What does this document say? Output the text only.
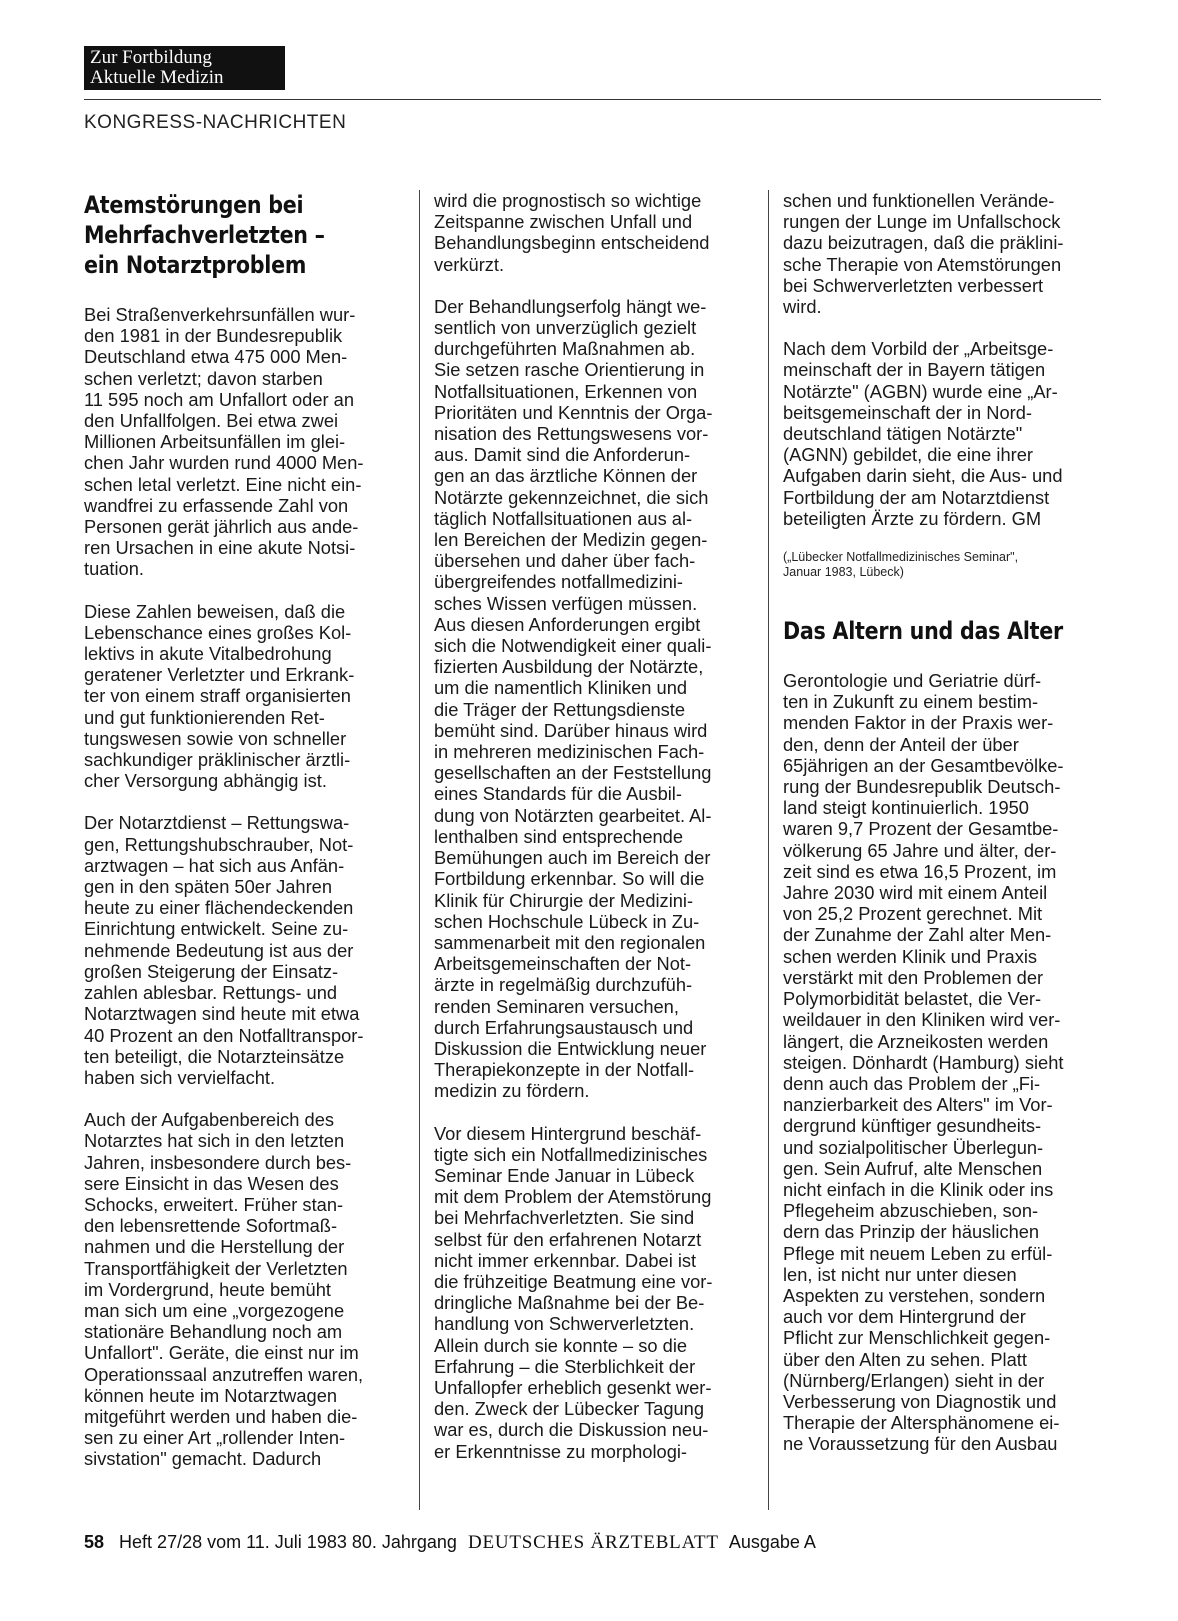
Zur Fortbildung
Aktuelle Medizin
KONGRESS-NACHRICHTEN
Atemstörungen bei
Mehrfachverletzten –
ein Notarztproblem

Bei Straßenverkehrsunfällen wur-
den 1981 in der Bundesrepublik
Deutschland etwa 475 000 Men-
schen verletzt; davon starben
11 595 noch am Unfallort oder an
den Unfallfolgen. Bei etwa zwei
Millionen Arbeitsunfällen im glei-
chen Jahr wurden rund 4000 Men-
schen letal verletzt. Eine nicht ein-
wandfrei zu erfassende Zahl von
Personen gerät jährlich aus ande-
ren Ursachen in eine akute Notsi-
tuation.

Diese Zahlen beweisen, daß die
Lebenschance eines großes Kol-
lektivs in akute Vitalbedrohung
geratener Verletzter und Erkrank-
ter von einem straff organisierten
und gut funktionierenden Ret-
tungswesen sowie von schneller
sachkundiger präklinischer ärztli-
cher Versorgung abhängig ist.

Der Notarztdienst – Rettungswa-
gen, Rettungshubschrauber, Not-
arztwagen – hat sich aus Anfän-
gen in den späten 50er Jahren
heute zu einer flächendeckenden
Einrichtung entwickelt. Seine zu-
nehmende Bedeutung ist aus der
großen Steigerung der Einsatz-
zahlen ablesbar. Rettungs- und
Notarztwagen sind heute mit etwa
40 Prozent an den Notfalltranspor-
ten beteiligt, die Notarzteinsätze
haben sich vervielfacht.

Auch der Aufgabenbereich des
Notarztes hat sich in den letzten
Jahren, insbesondere durch bes-
sere Einsicht in das Wesen des
Schocks, erweitert. Früher stan-
den lebensrettende Sofortmaß-
nahmen und die Herstellung der
Transportfähigkeit der Verletzten
im Vordergrund, heute bemüht
man sich um eine „vorgezogene
stationäre Behandlung noch am
Unfallort". Geräte, die einst nur im
Operationssaal anzutreffen waren,
können heute im Notarztwagen
mitgeführt werden und haben die-
sen zu einer Art „rollender Inten-
sivstation" gemacht. Dadurch

wird die prognostisch so wichtige
Zeitspanne zwischen Unfall und
Behandlungsbeginn entscheidend
verkürzt.

Der Behandlungserfolg hängt we-
sentlich von unverzüglich gezielt
durchgeführten Maßnahmen ab.
Sie setzen rasche Orientierung in
Notfallsituationen, Erkennen von
Prioritäten und Kenntnis der Orga-
nisation des Rettungswesens vor-
aus. Damit sind die Anforderun-
gen an das ärztliche Können der
Notärzte gekennzeichnet, die sich
täglich Notfallsituationen aus al-
len Bereichen der Medizin gegen-
übersehen und daher über fach-
übergreifendes notfallmedizini-
sches Wissen verfügen müssen.
Aus diesen Anforderungen ergibt
sich die Notwendigkeit einer quali-
fizierten Ausbildung der Notärzte,
um die namentlich Kliniken und
die Träger der Rettungsdienste
bemüht sind. Darüber hinaus wird
in mehreren medizinischen Fach-
gesellschaften an der Feststellung
eines Standards für die Ausbil-
dung von Notärzten gearbeitet. Al-
lenthalben sind entsprechende
Bemühungen auch im Bereich der
Fortbildung erkennbar. So will die
Klinik für Chirurgie der Medizini-
schen Hochschule Lübeck in Zu-
sammenarbeit mit den regionalen
Arbeitsgemeinschaften der Not-
ärzte in regelmäßig durchzufüh-
renden Seminaren versuchen,
durch Erfahrungsaustausch und
Diskussion die Entwicklung neuer
Therapiekonzepte in der Notfall-
medizin zu fördern.

Vor diesem Hintergrund beschäf-
tigte sich ein Notfallmedizinisches
Seminar Ende Januar in Lübeck
mit dem Problem der Atemstörung
bei Mehrfachverletzten. Sie sind
selbst für den erfahrenen Notarzt
nicht immer erkennbar. Dabei ist
die frühzeitige Beatmung eine vor-
dringliche Maßnahme bei der Be-
handlung von Schwerverletzten.
Allein durch sie konnte – so die
Erfahrung – die Sterblichkeit der
Unfallopfer erheblich gesenkt wer-
den. Zweck der Lübecker Tagung
war es, durch die Diskussion neu-
er Erkenntnisse zu morphologi-

schen und funktionellen Verände-
rungen der Lunge im Unfallschock
dazu beizutragen, daß die präklini-
sche Therapie von Atemstörungen
bei Schwerverletzten verbessert
wird.

Nach dem Vorbild der „Arbeitsge-
meinschaft der in Bayern tätigen
Notärzte" (AGBN) wurde eine „Ar-
beitsgemeinschaft der in Nord-
deutschland tätigen Notärzte"
(AGNN) gebildet, die eine ihrer
Aufgaben darin sieht, die Aus- und
Fortbildung der am Notarztdienst
beteiligten Ärzte zu fördern. GM

(„Lübecker Notfallmedizinisches Seminar",
Januar 1983, Lübeck)
Das Altern und das Alter

Gerontologie und Geriatrie dürf-
ten in Zukunft zu einem bestim-
menden Faktor in der Praxis wer-
den, denn der Anteil der über
65jährigen an der Gesamtbevölke-
rung der Bundesrepublik Deutsch-
land steigt kontinuierlich. 1950
waren 9,7 Prozent der Gesamtbe-
völkerung 65 Jahre und älter, der-
zeit sind es etwa 16,5 Prozent, im
Jahre 2030 wird mit einem Anteil
von 25,2 Prozent gerechnet. Mit
der Zunahme der Zahl alter Men-
schen werden Klinik und Praxis
verstärkt mit den Problemen der
Polymorbidität belastet, die Ver-
weildauer in den Kliniken wird ver-
längert, die Arzneikosten werden
steigen. Dönhardt (Hamburg) sieht
denn auch das Problem der „Fi-
nanzierbarkeit des Alters" im Vor-
dergrund künftiger gesundheits-
und sozialpolitischer Überlegun-
gen. Sein Aufruf, alte Menschen
nicht einfach in die Klinik oder ins
Pflegeheim abzuschieben, son-
dern das Prinzip der häuslichen
Pflege mit neuem Leben zu erfül-
len, ist nicht nur unter diesen
Aspekten zu verstehen, sondern
auch vor dem Hintergrund der
Pflicht zur Menschlichkeit gegen-
über den Alten zu sehen. Platt
(Nürnberg/Erlangen) sieht in der
Verbesserung von Diagnostik und
Therapie der Altersphänomene ei-
ne Voraussetzung für den Ausbau

58 Heft 27/28 vom 11. Juli 1983 80. Jahrgang DEUTSCHES ÄRZTEBLATT Ausgabe A
